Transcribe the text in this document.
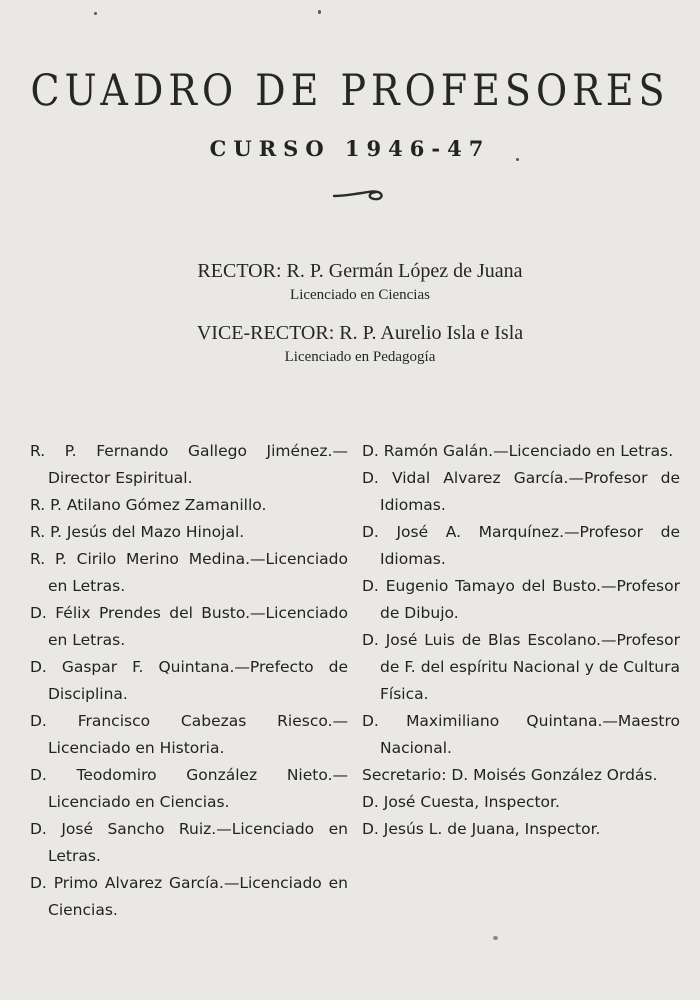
CUADRO DE PROFESORES
CURSO 1946-47
RECTOR: R. P. Germán López de Juana
Licenciado en Ciencias
VICE-RECTOR: R. P. Aurelio Isla e Isla
Licenciado en Pedagogía
R. P. Fernando Gallego Jiménez.—Director Espiritual.
R. P. Atilano Gómez Zamanillo.
R. P. Jesús del Mazo Hinojal.
R. P. Cirilo Merino Medina.—Licenciado en Letras.
D. Félix Prendes del Busto.—Licenciado en Letras.
D. Gaspar F. Quintana.—Prefecto de Disciplina.
D. Francisco Cabezas Riesco.—Licenciado en Historia.
D. Teodomiro González Nieto.—Licenciado en Ciencias.
D. José Sancho Ruiz.—Licenciado en Letras.
D. Primo Alvarez García.—Licenciado en Ciencias.
D. Ramón Galán.—Licenciado en Letras.
D. Vidal Alvarez García.—Profesor de Idiomas.
D. José A. Marquínez.—Profesor de Idiomas.
D. Eugenio Tamayo del Busto.—Profesor de Dibujo.
D. José Luis de Blas Escolano.—Profesor de F. del espíritu Nacional y de Cultura Física.
D. Maximiliano Quintana.—Maestro Nacional.
Secretario: D. Moisés González Ordás.
D. José Cuesta, Inspector.
D. Jesús L. de Juana, Inspector.
